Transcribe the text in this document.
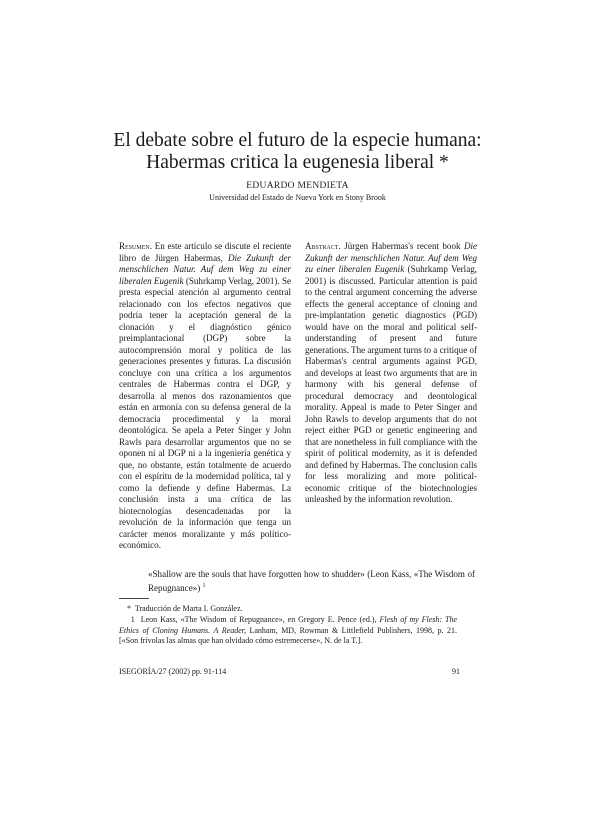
El debate sobre el futuro de la especie humana:
Habermas critica la eugenesia liberal *
EDUARDO MENDIETA
Universidad del Estado de Nueva York en Stony Brook
Resumen. En este artículo se discute el reciente libro de Jürgen Habermas, Die Zukunft der menschlichen Natur. Auf dem Weg zu einer liberalen Eugenik (Suhrkamp Verlag, 2001). Se presta especial atención al argumento central relacionado con los efectos negativos que podría tener la aceptación general de la clonación y el diagnóstico génico preimplantacional (DGP) sobre la autocomprensión moral y política de las generaciones presentes y futuras. La discusión concluye con una crítica a los argumentos centrales de Habermas contra el DGP, y desarrolla al menos dos razonamientos que están en armonía con su defensa general de la democracia procedimental y la moral deontológica. Se apela a Peter Singer y John Rawls para desarrollar argumentos que no se oponen ni al DGP ni a la ingeniería genética y que, no obstante, están totalmente de acuerdo con el espíritu de la modernidad política, tal y como la defiende y define Habermas. La conclusión insta a una crítica de las biotecnologías desencadenadas por la revolución de la información que tenga un carácter menos moralizante y más político-económico.
Abstract. Jürgen Habermas's recent book Die Zukunft der menschlichen Natur. Auf dem Weg zu einer liberalen Eugenik (Suhrkamp Verlag, 2001) is discussed. Particular attention is paid to the central argument concerning the adverse effects the general acceptance of cloning and pre-implantation genetic diagnostics (PGD) would have on the moral and political self-understanding of present and future generations. The argument turns to a critique of Habermas's central arguments against PGD, and develops at least two arguments that are in harmony with his general defense of procedural democracy and deontological morality. Appeal is made to Peter Singer and John Rawls to develop arguments that do not reject either PGD or genetic engineering and that are nonetheless in full compliance with the spirit of political modernity, as it is defended and defined by Habermas. The conclusion calls for less moralizing and more political-economic critique of the biotechnologies unleashed by the information revolution.
«Shallow are the souls that have forgotten how to shudder» (Leon Kass, «The Wisdom of Repugnance») $^1$
* Traducción de Marta I. González.
1 Leon Kass, «The Wisdom of Repugnance», en Gregory E. Pence (ed.), Flesh of my Flesh: The Ethics of Cloning Humans. A Reader, Lanham, MD, Rowman & Littlefield Publishers, 1998, p. 21. [«Son frívolas las almas que han olvidado cómo estremecerse», N. de la T.].
ISEGORÍA/27 (2002) pp. 91-114	91
